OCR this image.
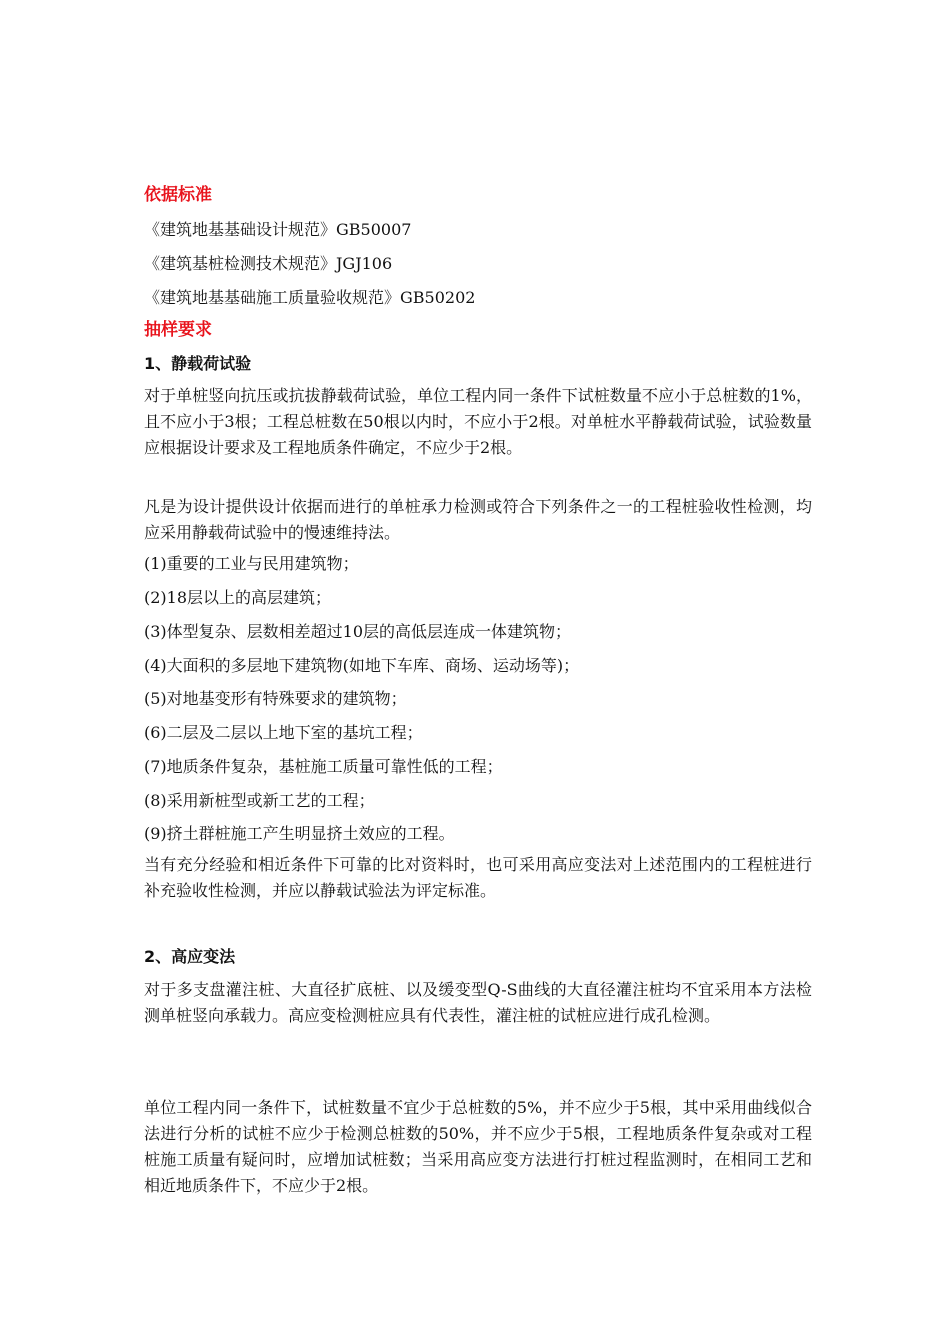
依据标准
《建筑地基基础设计规范》GB50007
《建筑基桩检测技术规范》JGJ106
《建筑地基基础施工质量验收规范》GB50202
抽样要求
1、静载荷试验
对于单桩竖向抗压或抗拔静载荷试验，单位工程内同一条件下试桩数量不应小于总桩数的1%，且不应小于3根；工程总桩数在50根以内时，不应小于2根。对单桩水平静载荷试验，试验数量应根据设计要求及工程地质条件确定，不应少于2根。
凡是为设计提供设计依据而进行的单桩承力检测或符合下列条件之一的工程桩验收性检测，均应采用静载荷试验中的慢速维持法。
(1)重要的工业与民用建筑物；
(2)18层以上的高层建筑；
(3)体型复杂、层数相差超过10层的高低层连成一体建筑物；
(4)大面积的多层地下建筑物(如地下车库、商场、运动场等)；
(5)对地基变形有特殊要求的建筑物；
(6)二层及二层以上地下室的基坑工程；
(7)地质条件复杂，基桩施工质量可靠性低的工程；
(8)采用新桩型或新工艺的工程；
(9)挤土群桩施工产生明显挤土效应的工程。
当有充分经验和相近条件下可靠的比对资料时，也可采用高应变法对上述范围内的工程桩进行补充验收性检测，并应以静载试验法为评定标准。
2、高应变法
对于多支盘灌注桩、大直径扩底桩、以及缓变型Q-S曲线的大直径灌注桩均不宜采用本方法检测单桩竖向承载力。高应变检测桩应具有代表性，灌注桩的试桩应进行成孔检测。
单位工程内同一条件下，试桩数量不宜少于总桩数的5%，并不应少于5根，其中采用曲线似合法进行分析的试桩不应少于检测总桩数的50%，并不应少于5根，工程地质条件复杂或对工程桩施工质量有疑问时，应增加试桩数；当采用高应变方法进行打桩过程监测时，在相同工艺和相近地质条件下，不应少于2根。
